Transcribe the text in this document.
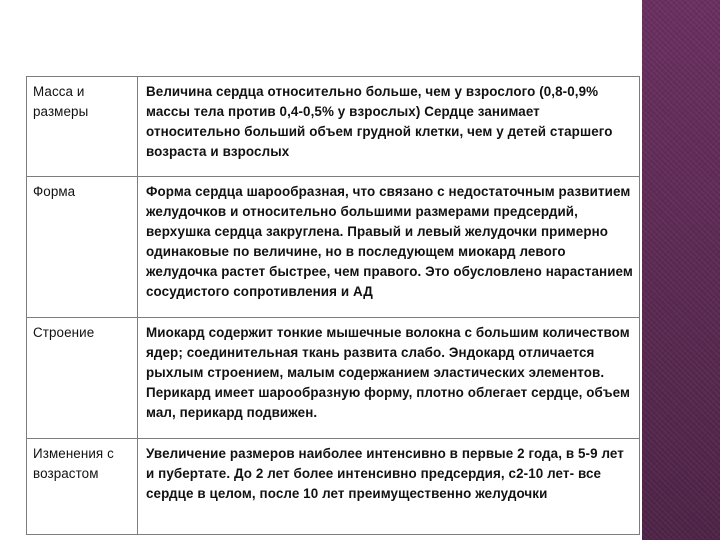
Масса и размеры	Величина сердца относительно больше, чем у взрослого (0,8-0,9% массы тела против 0,4-0,5% у взрослых) Сердце занимает относительно больший объем грудной клетки, чем у детей старшего возраста и взрослых
Форма	Форма сердца шарообразная, что связано с недостаточным развитием желудочков и относительно большими размерами предсердий, верхушка сердца закруглена. Правый и левый желудочки примерно одинаковые по величине, но в последующем миокард левого желудочка растет быстрее, чем правого. Это обусловлено нарастанием сосудистого сопротивления и АД
Строение	Миокард содержит тонкие мышечные волокна с большим количеством ядер; соединительная ткань развита слабо. Эндокард отличается рыхлым строением, малым содержанием эластических элементов. Перикард имеет шарообразную форму, плотно облегает сердце, объем мал, перикард подвижен.
Изменения с возрастом	Увеличение размеров наиболее интенсивно в первые 2 года, в 5-9 лет и пубертате. До 2 лет более интенсивно предсердия, с2-10 лет- все сердце в целом, после 10 лет преимущественно желудочки
